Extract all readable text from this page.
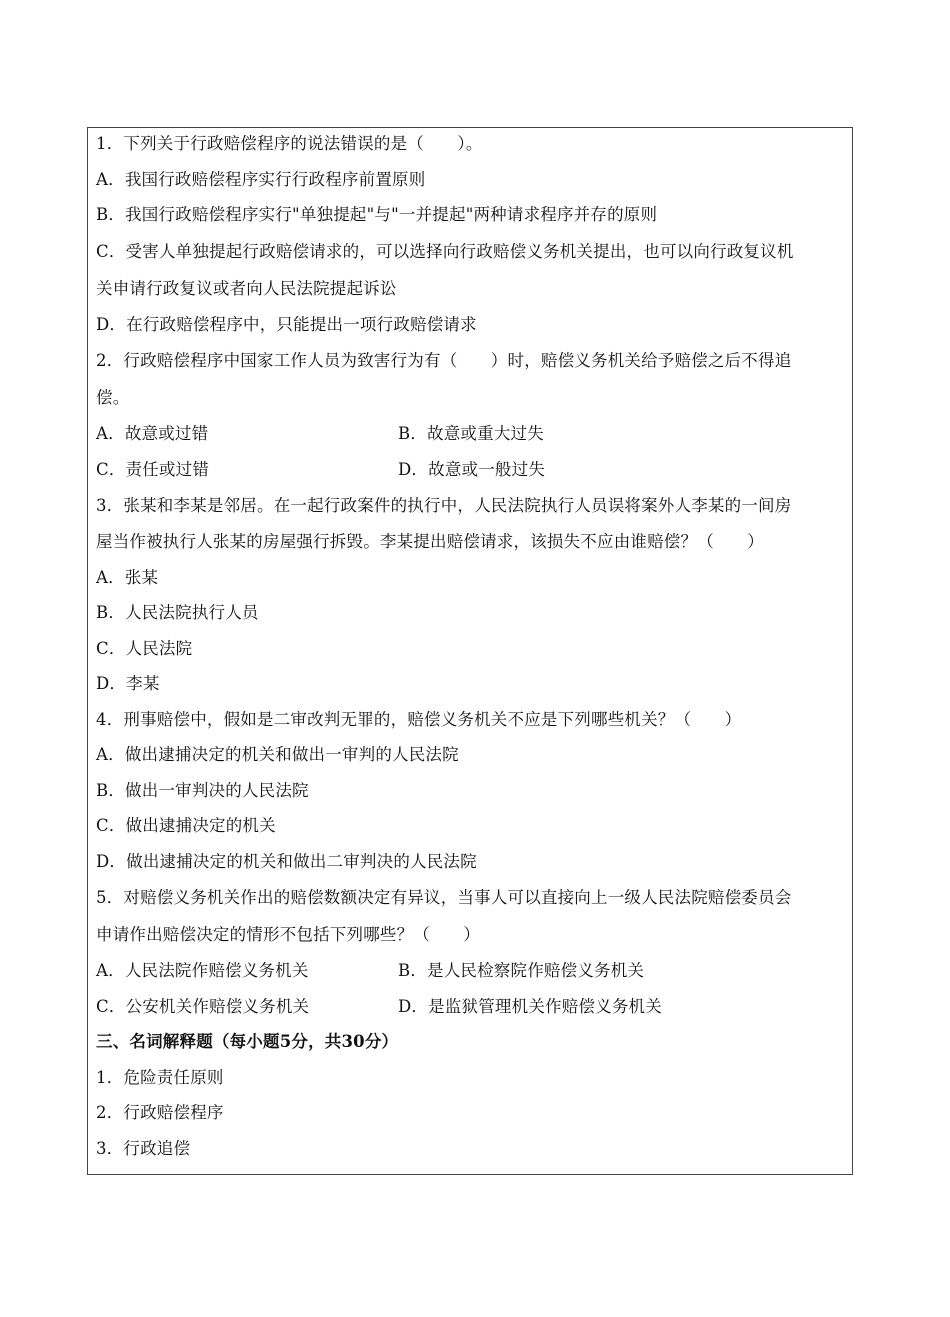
1．下列关于行政赔偿程序的说法错误的是（　　）。
A．我国行政赔偿程序实行行政程序前置原则
B．我国行政赔偿程序实行"单独提起"与"一并提起"两种请求程序并存的原则
C．受害人单独提起行政赔偿请求的，可以选择向行政赔偿义务机关提出，也可以向行政复议机
关申请行政复议或者向人民法院提起诉讼
D．在行政赔偿程序中，只能提出一项行政赔偿请求
2．行政赔偿程序中国家工作人员为致害行为有（　　）时，赔偿义务机关给予赔偿之后不得追
偿。
A．故意或过错	B．故意或重大过失
C．责任或过错	D．故意或一般过失
3．张某和李某是邻居。在一起行政案件的执行中，人民法院执行人员误将案外人李某的一间房
屋当作被执行人张某的房屋强行拆毁。李某提出赔偿请求，该损失不应由谁赔偿？（　　）
A．张某
B．人民法院执行人员
C．人民法院
D．李某
4．刑事赔偿中，假如是二审改判无罪的，赔偿义务机关不应是下列哪些机关？（　　）
A．做出逮捕决定的机关和做出一审判的人民法院
B．做出一审判决的人民法院
C．做出逮捕决定的机关
D．做出逮捕决定的机关和做出二审判决的人民法院
5．对赔偿义务机关作出的赔偿数额决定有异议，当事人可以直接向上一级人民法院赔偿委员会
申请作出赔偿决定的情形不包括下列哪些？（　　）
A．人民法院作赔偿义务机关	B．是人民检察院作赔偿义务机关
C．公安机关作赔偿义务机关	D．是监狱管理机关作赔偿义务机关
三、名词解释题（每小题5分，共30分）
1．危险责任原则
2．行政赔偿程序
3．行政追偿
